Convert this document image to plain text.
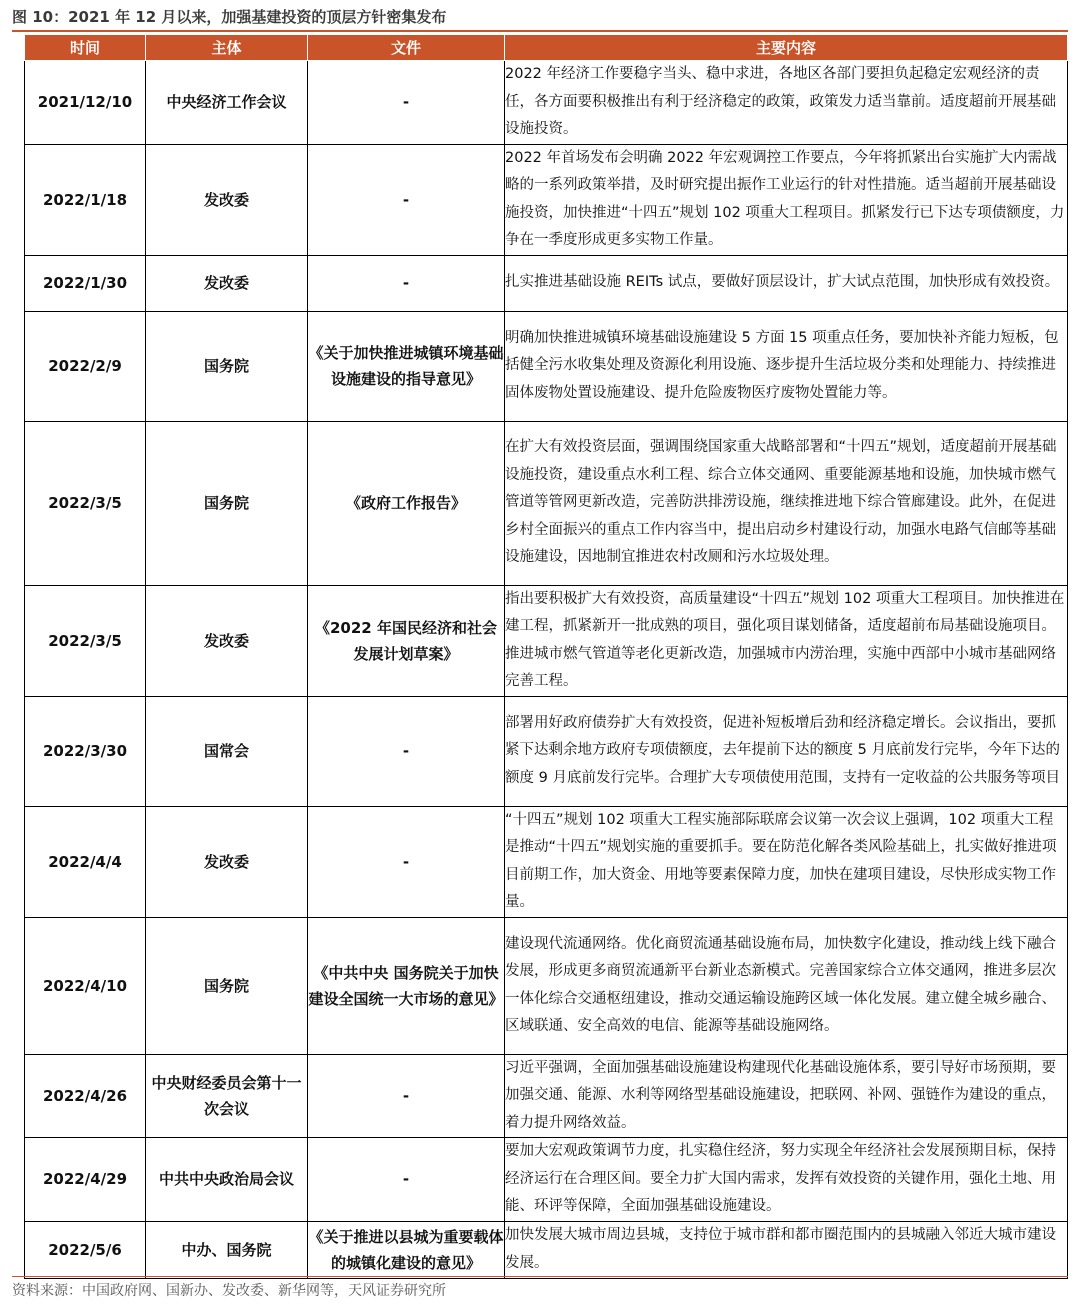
图 10：2021 年 12 月以来，加强基建投资的顶层方针密集发布
时间	主体	文件	主要内容
2021/12/10	中央经济工作会议	-	2022 年经济工作要稳字当头、稳中求进，各地区各部门要担负起稳定宏观经济的责任，各方面要积极推出有利于经济稳定的政策，政策发力适当靠前。适度超前开展基础设施投资。
2022/1/18	发改委	-	2022 年首场发布会明确 2022 年宏观调控工作要点，今年将抓紧出台实施扩大内需战略的一系列政策举措，及时研究提出振作工业运行的针对性措施。适当超前开展基础设施投资，加快推进“十四五”规划 102 项重大工程项目。抓紧发行已下达专项债额度，力争在一季度形成更多实物工作量。
2022/1/30	发改委	-	扎实推进基础设施 REITs 试点，要做好顶层设计，扩大试点范围，加快形成有效投资。
2022/2/9	国务院	《关于加快推进城镇环境基础设施建设的指导意见》	明确加快推进城镇环境基础设施建设 5 方面 15 项重点任务，要加快补齐能力短板，包括健全污水收集处理及资源化利用设施、逐步提升生活垃圾分类和处理能力、持续推进固体废物处置设施建设、提升危险废物医疗废物处置能力等。
2022/3/5	国务院	《政府工作报告》	在扩大有效投资层面，强调围绕国家重大战略部署和“十四五”规划，适度超前开展基础设施投资，建设重点水利工程、综合立体交通网、重要能源基地和设施，加快城市燃气管道等管网更新改造，完善防洪排涝设施，继续推进地下综合管廊建设。此外，在促进乡村全面振兴的重点工作内容当中，提出启动乡村建设行动，加强水电路气信邮等基础设施建设，因地制宜推进农村改厕和污水垃圾处理。
2022/3/5	发改委	《2022 年国民经济和社会发展计划草案》	指出要积极扩大有效投资，高质量建设“十四五”规划 102 项重大工程项目。加快推进在建工程，抓紧新开一批成熟的项目，强化项目谋划储备，适度超前布局基础设施项目。推进城市燃气管道等老化更新改造，加强城市内涝治理，实施中西部中小城市基础网络完善工程。
2022/3/30	国常会	-	部署用好政府债券扩大有效投资，促进补短板增后劲和经济稳定增长。会议指出，要抓紧下达剩余地方政府专项债额度，去年提前下达的额度 5 月底前发行完毕，今年下达的额度 9 月底前发行完毕。合理扩大专项债使用范围，支持有一定收益的公共服务等项目
2022/4/4	发改委	-	“十四五”规划 102 项重大工程实施部际联席会议第一次会议上强调，102 项重大工程是推动“十四五”规划实施的重要抓手。要在防范化解各类风险基础上，扎实做好推进项目前期工作，加大资金、用地等要素保障力度，加快在建项目建设，尽快形成实物工作量。
2022/4/10	国务院	《中共中央 国务院关于加快建设全国统一大市场的意见》	建设现代流通网络。优化商贸流通基础设施布局，加快数字化建设，推动线上线下融合发展，形成更多商贸流通新平台新业态新模式。完善国家综合立体交通网，推进多层次一体化综合交通枢纽建设，推动交通运输设施跨区域一体化发展。建立健全城乡融合、区域联通、安全高效的电信、能源等基础设施网络。
2022/4/26	中央财经委员会第十一次会议	-	习近平强调，全面加强基础设施建设构建现代化基础设施体系，要引导好市场预期，要加强交通、能源、水利等网络型基础设施建设，把联网、补网、强链作为建设的重点，着力提升网络效益。
2022/4/29	中共中央政治局会议	-	要加大宏观政策调节力度，扎实稳住经济，努力实现全年经济社会发展预期目标，保持经济运行在合理区间。要全力扩大国内需求，发挥有效投资的关键作用，强化土地、用能、环评等保障，全面加强基础设施建设。
2022/5/6	中办、国务院	《关于推进以县城为重要载体的城镇化建设的意见》	加快发展大城市周边县城，支持位于城市群和都市圈范围内的县城融入邻近大城市建设发展。
资料来源：中国政府网、国新办、发改委、新华网等，天风证券研究所
